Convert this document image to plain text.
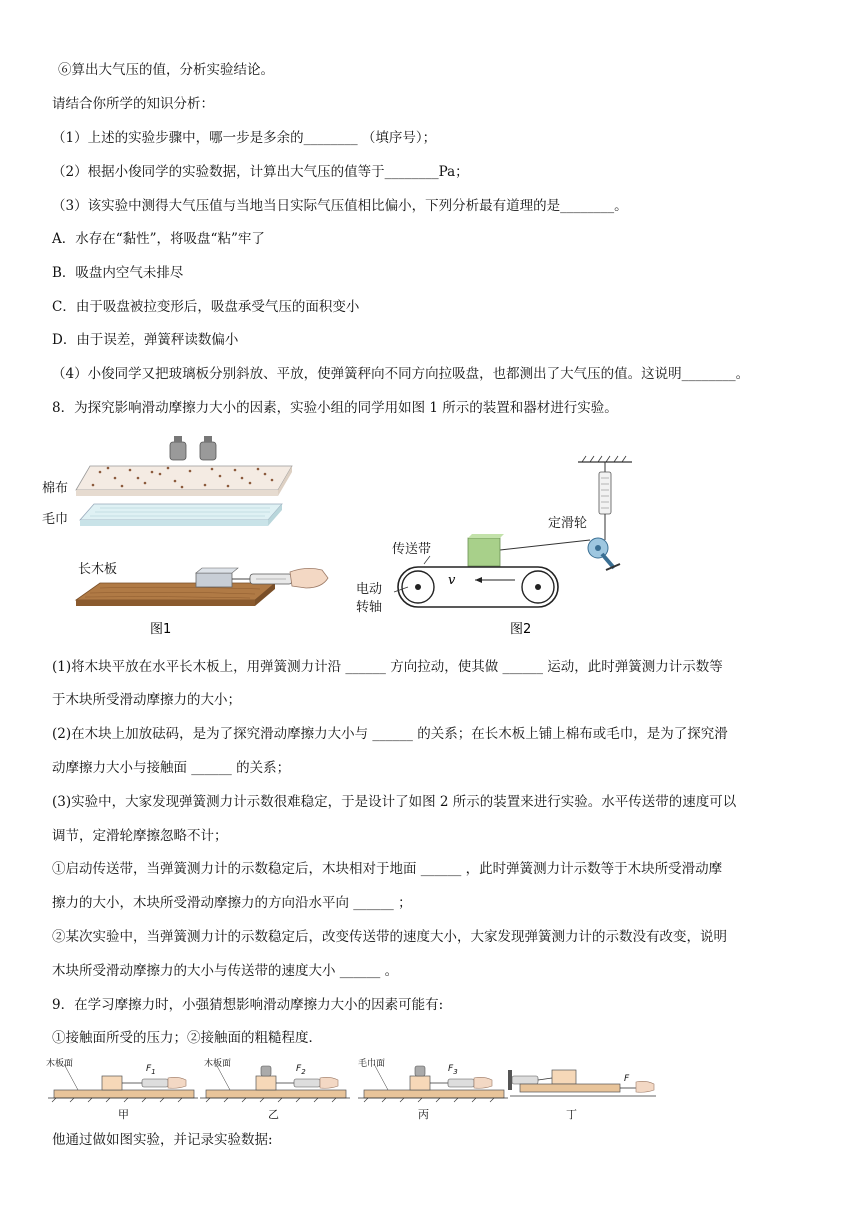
⑥算出大气压的值，分析实验结论。
请结合你所学的知识分析：
（1）上述的实验步骤中，哪一步是多余的________ （填序号）；
（2）根据小俊同学的实验数据，计算出大气压的值等于________Pa；
（3）该实验中测得大气压值与当地当日实际气压值相比偏小，下列分析最有道理的是________。
A．水存在“黏性”，将吸盘“粘”牢了
B．吸盘内空气未排尽
C．由于吸盘被拉变形后，吸盘承受气压的面积变小
D．由于误差，弹簧秤读数偏小
（4）小俊同学又把玻璃板分别斜放、平放，使弹簧秤向不同方向拉吸盘，也都测出了大气压的值。这说明________。
8．为探究影响滑动摩擦力大小的因素，实验小组的同学用如图 1 所示的装置和器材进行实验。
图1
棉布
毛巾
长木板
v
图2
传送带
定滑轮
电动
转轴
(1)将木块平放在水平长木板上，用弹簧测力计沿 ______ 方向拉动，使其做 ______ 运动，此时弹簧测力计示数等
于木块所受滑动摩擦力的大小；
(2)在木块上加放砝码，是为了探究滑动摩擦力大小与 ______ 的关系；在长木板上铺上棉布或毛巾，是为了探究滑
动摩擦力大小与接触面 ______ 的关系；
(3)实验中，大家发现弹簧测力计示数很难稳定，于是设计了如图 2 所示的装置来进行实验。水平传送带的速度可以
调节，定滑轮摩擦忽略不计；
①启动传送带，当弹簧测力计的示数稳定后，木块相对于地面 ______ ，此时弹簧测力计示数等于木块所受滑动摩
擦力的大小，木块所受滑动摩擦力的方向沿水平向 ______ ；
②某次实验中，当弹簧测力计的示数稳定后，改变传送带的速度大小，大家发现弹簧测力计的示数没有改变，说明
木块所受滑动摩擦力的大小与传送带的速度大小 ______ 。
9．在学习摩擦力时，小强猜想影响滑动摩擦力大小的因素可能有:
①接触面所受的压力；②接触面的粗糙程度．
木板面	木板面	毛巾面
$F_1$	$F_2$	$F_3$
F
甲	乙	丙	丁
他通过做如图实验，并记录实验数据:
